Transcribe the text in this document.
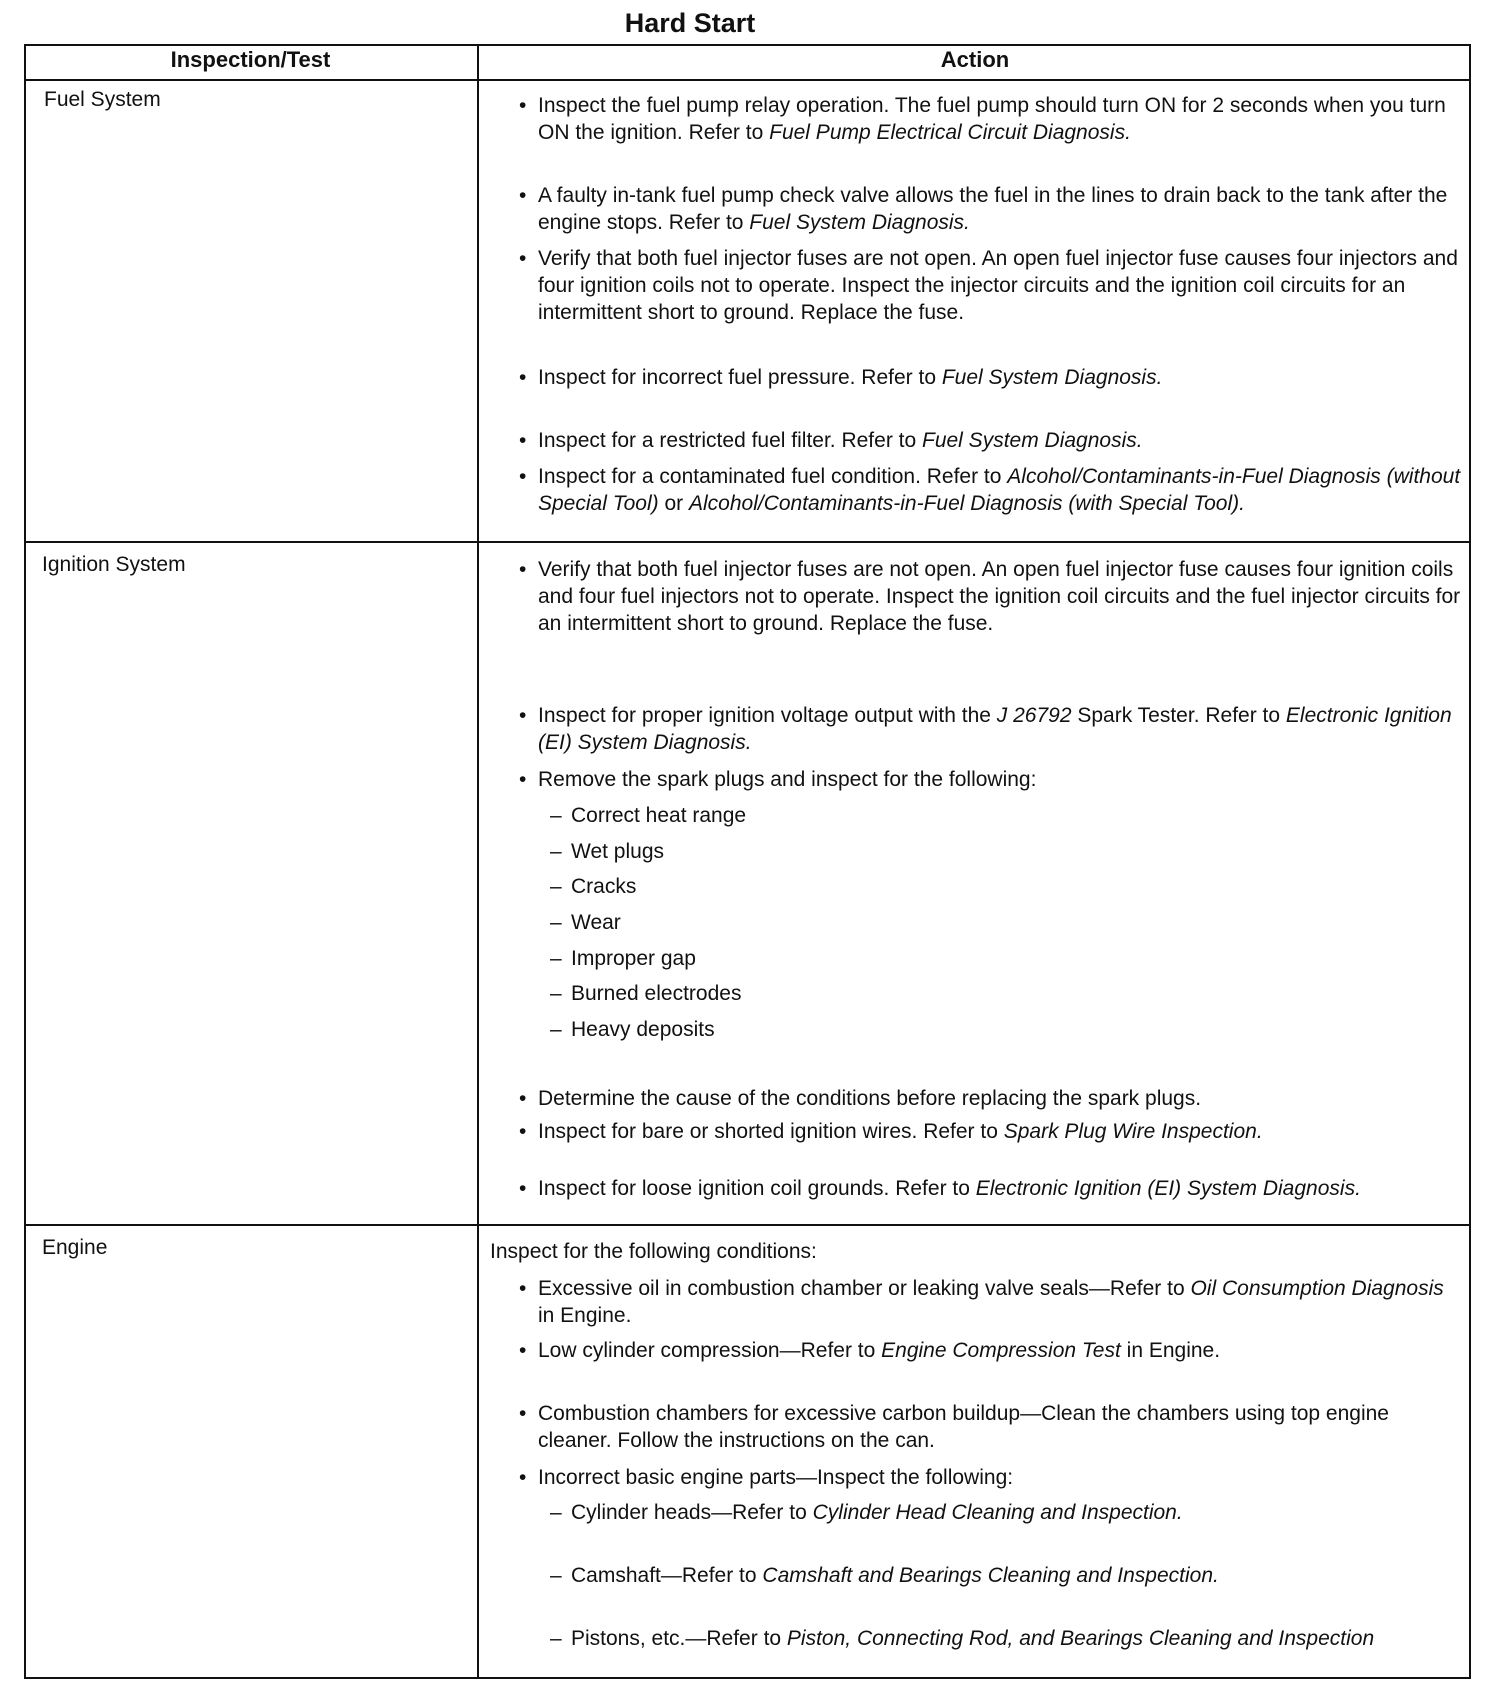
Hard Start
Inspection/Test	Action
Fuel System
Ignition System
Engine
• Inspect the fuel pump relay operation. The fuel pump should turn ON for 2 seconds when you turn ON the ignition. Refer to Fuel Pump Electrical Circuit Diagnosis.
• A faulty in-tank fuel pump check valve allows the fuel in the lines to drain back to the tank after the engine stops. Refer to Fuel System Diagnosis.
• Verify that both fuel injector fuses are not open. An open fuel injector fuse causes four injectors and four ignition coils not to operate. Inspect the injector circuits and the ignition coil circuits for an intermittent short to ground. Replace the fuse.
• Inspect for incorrect fuel pressure. Refer to Fuel System Diagnosis.
• Inspect for a restricted fuel filter. Refer to Fuel System Diagnosis.
• Inspect for a contaminated fuel condition. Refer to Alcohol/Contaminants-in-Fuel Diagnosis (without Special Tool) or Alcohol/Contaminants-in-Fuel Diagnosis (with Special Tool).
• Verify that both fuel injector fuses are not open. An open fuel injector fuse causes four ignition coils and four fuel injectors not to operate. Inspect the ignition coil circuits and the fuel injector circuits for an intermittent short to ground. Replace the fuse.
• Inspect for proper ignition voltage output with the J 26792 Spark Tester. Refer to Electronic Ignition (EI) System Diagnosis.
• Remove the spark plugs and inspect for the following:
– Correct heat range
– Wet plugs
– Cracks
– Wear
– Improper gap
– Burned electrodes
– Heavy deposits
• Determine the cause of the conditions before replacing the spark plugs.
• Inspect for bare or shorted ignition wires. Refer to Spark Plug Wire Inspection.
• Inspect for loose ignition coil grounds. Refer to Electronic Ignition (EI) System Diagnosis.
Inspect for the following conditions:
• Excessive oil in combustion chamber or leaking valve seals—Refer to Oil Consumption Diagnosis in Engine.
• Low cylinder compression—Refer to Engine Compression Test in Engine.
• Combustion chambers for excessive carbon buildup—Clean the chambers using top engine cleaner. Follow the instructions on the can.
• Incorrect basic engine parts—Inspect the following:
– Cylinder heads—Refer to Cylinder Head Cleaning and Inspection.
– Camshaft—Refer to Camshaft and Bearings Cleaning and Inspection.
– Pistons, etc.—Refer to Piston, Connecting Rod, and Bearings Cleaning and Inspection
